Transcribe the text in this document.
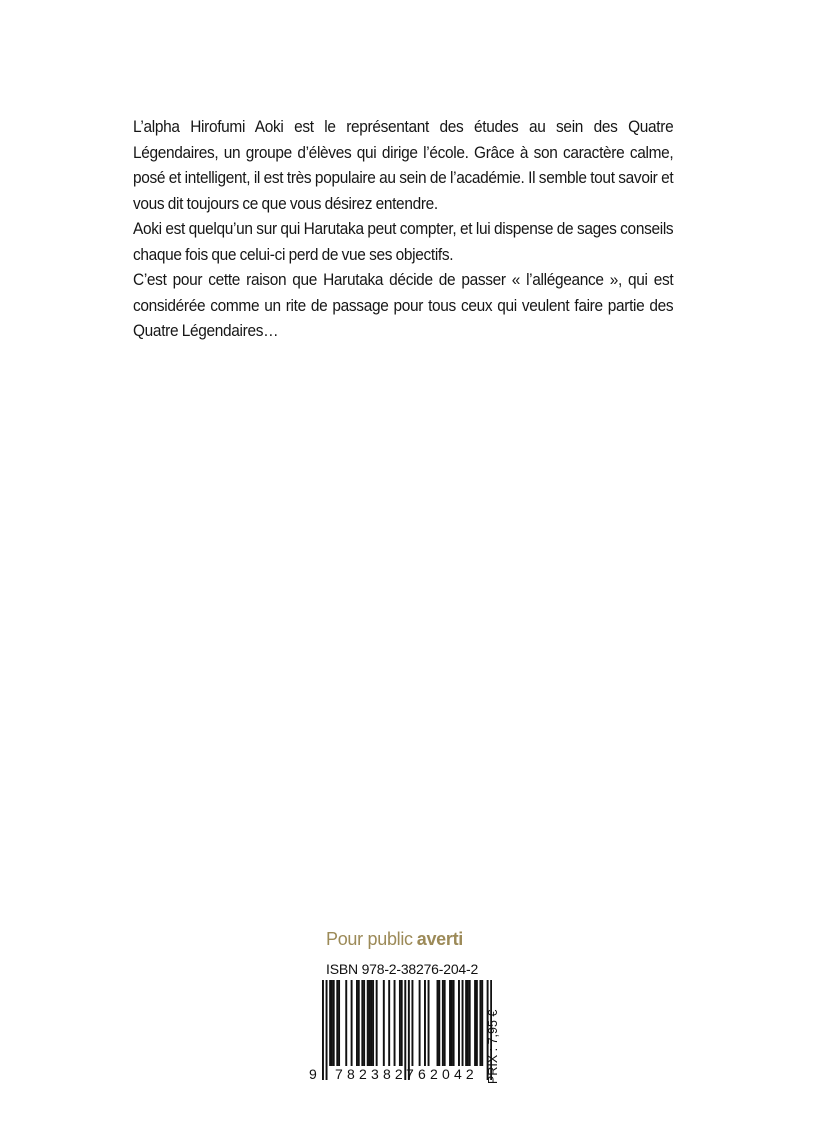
L’alpha Hirofumi Aoki est le représentant des études au sein des Quatre Légendaires, un groupe d’élèves qui dirige l’école. Grâce à son caractère calme, posé et intelligent, il est très populaire au sein de l’académie. Il semble tout savoir et vous dit toujours ce que vous désirez entendre.

Aoki est quelqu’un sur qui Harutaka peut compter, et lui dispense de sages conseils chaque fois que celui-ci perd de vue ses objectifs.

C’est pour cette raison que Harutaka décide de passer « l’allégeance », qui est considérée comme un rite de passage pour tous ceux qui veulent faire partie des Quatre Légendaires…

Pour public averti
ISBN 978-2-38276-204-2
9 782382 762042 PRIX : 7,95 €
